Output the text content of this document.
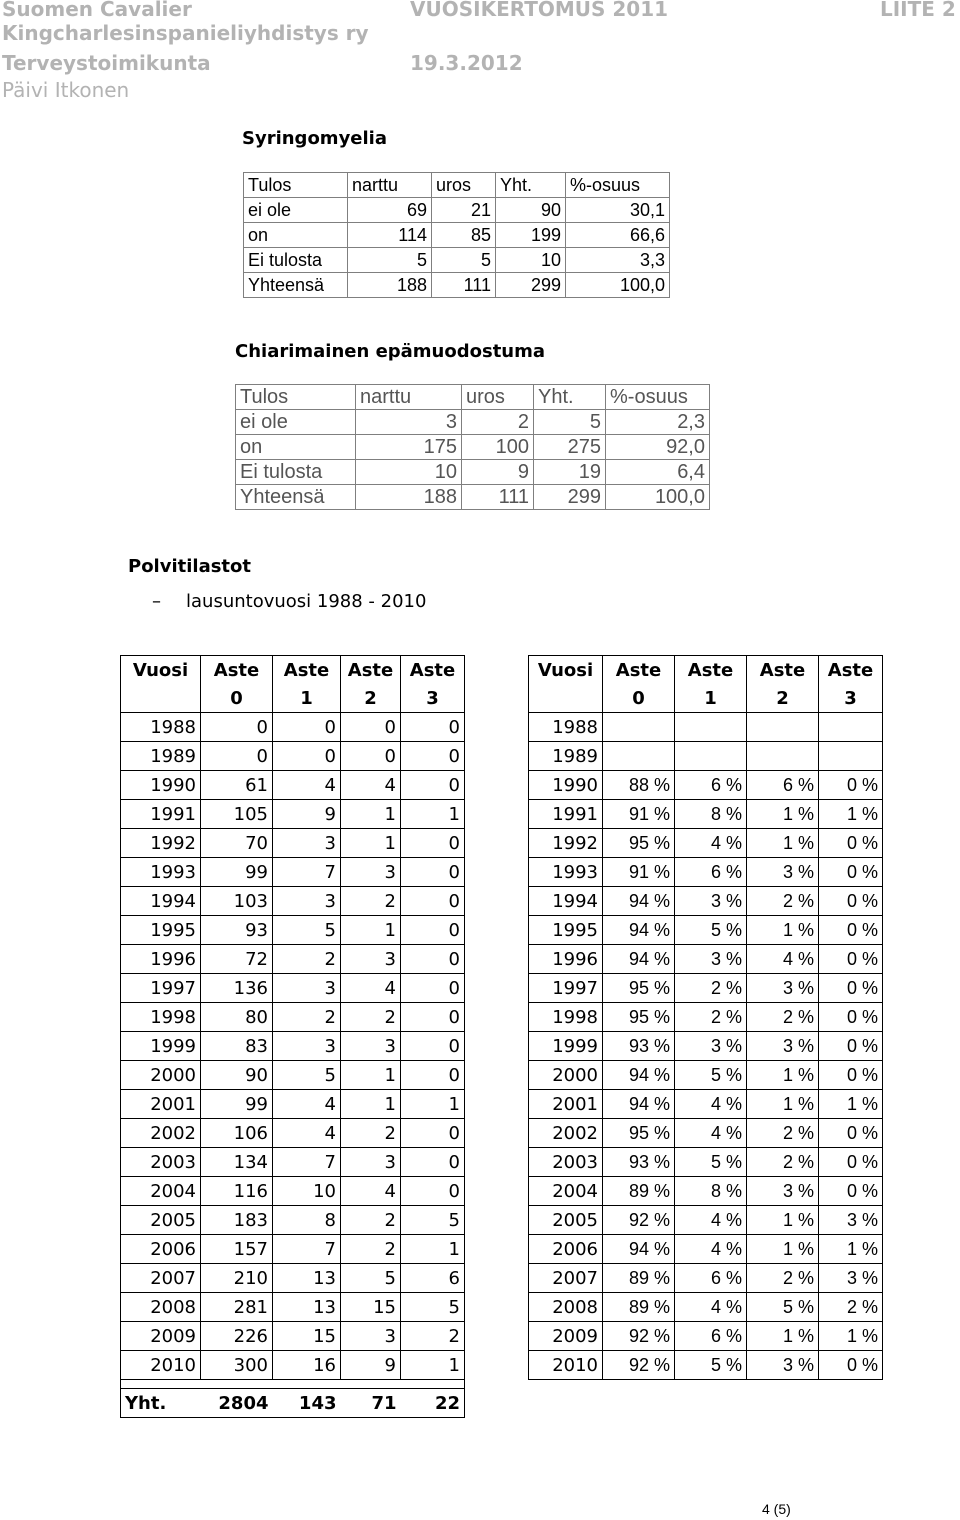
Suomen Cavalier	VUOSIKERTOMUS 2011	LIITE 2
Kingcharlesinspanieliyhdistys ry
Terveystoimikunta	19.3.2012
Päivi Itkonen
Syringomyelia
Tulos	narttu	uros	Yht.	%-osuus
ei ole	69	21	90	30,1
on	114	85	199	66,6
Ei tulosta	5	5	10	3,3
Yhteensä	188	111	299	100,0
Chiarimainen epämuodostuma
Tulos	narttu	uros	Yht.	%-osuus
ei ole	3	2	5	2,3
on	175	100	275	92,0
Ei tulosta	10	9	19	6,4
Yhteensä	188	111	299	100,0
Polvitilastot
– lausuntovuosi 1988 - 2010
Vuosi	Aste	Aste	Aste	Aste
	0	1	2	3
1988	0	0	0	0
1989	0	0	0	0
1990	61	4	4	0
1991	105	9	1	1
1992	70	3	1	0
1993	99	7	3	0
1994	103	3	2	0
1995	93	5	1	0
1996	72	2	3	0
1997	136	3	4	0
1998	80	2	2	0
1999	83	3	3	0
2000	90	5	1	0
2001	99	4	1	1
2002	106	4	2	0
2003	134	7	3	0
2004	116	10	4	0
2005	183	8	2	5
2006	157	7	2	1
2007	210	13	5	6
2008	281	13	15	5
2009	226	15	3	2
2010	300	16	9	1

Yht.	2804	143	71	22
Vuosi	Aste	Aste	Aste	Aste
	0	1	2	3
1988				
1989				
1990	88 %	6 %	6 %	0 %
1991	91 %	8 %	1 %	1 %
1992	95 %	4 %	1 %	0 %
1993	91 %	6 %	3 %	0 %
1994	94 %	3 %	2 %	0 %
1995	94 %	5 %	1 %	0 %
1996	94 %	3 %	4 %	0 %
1997	95 %	2 %	3 %	0 %
1998	95 %	2 %	2 %	0 %
1999	93 %	3 %	3 %	0 %
2000	94 %	5 %	1 %	0 %
2001	94 %	4 %	1 %	1 %
2002	95 %	4 %	2 %	0 %
2003	93 %	5 %	2 %	0 %
2004	89 %	8 %	3 %	0 %
2005	92 %	4 %	1 %	3 %
2006	94 %	4 %	1 %	1 %
2007	89 %	6 %	2 %	3 %
2008	89 %	4 %	5 %	2 %
2009	92 %	6 %	1 %	1 %
2010	92 %	5 %	3 %	0 %
4 (5)
